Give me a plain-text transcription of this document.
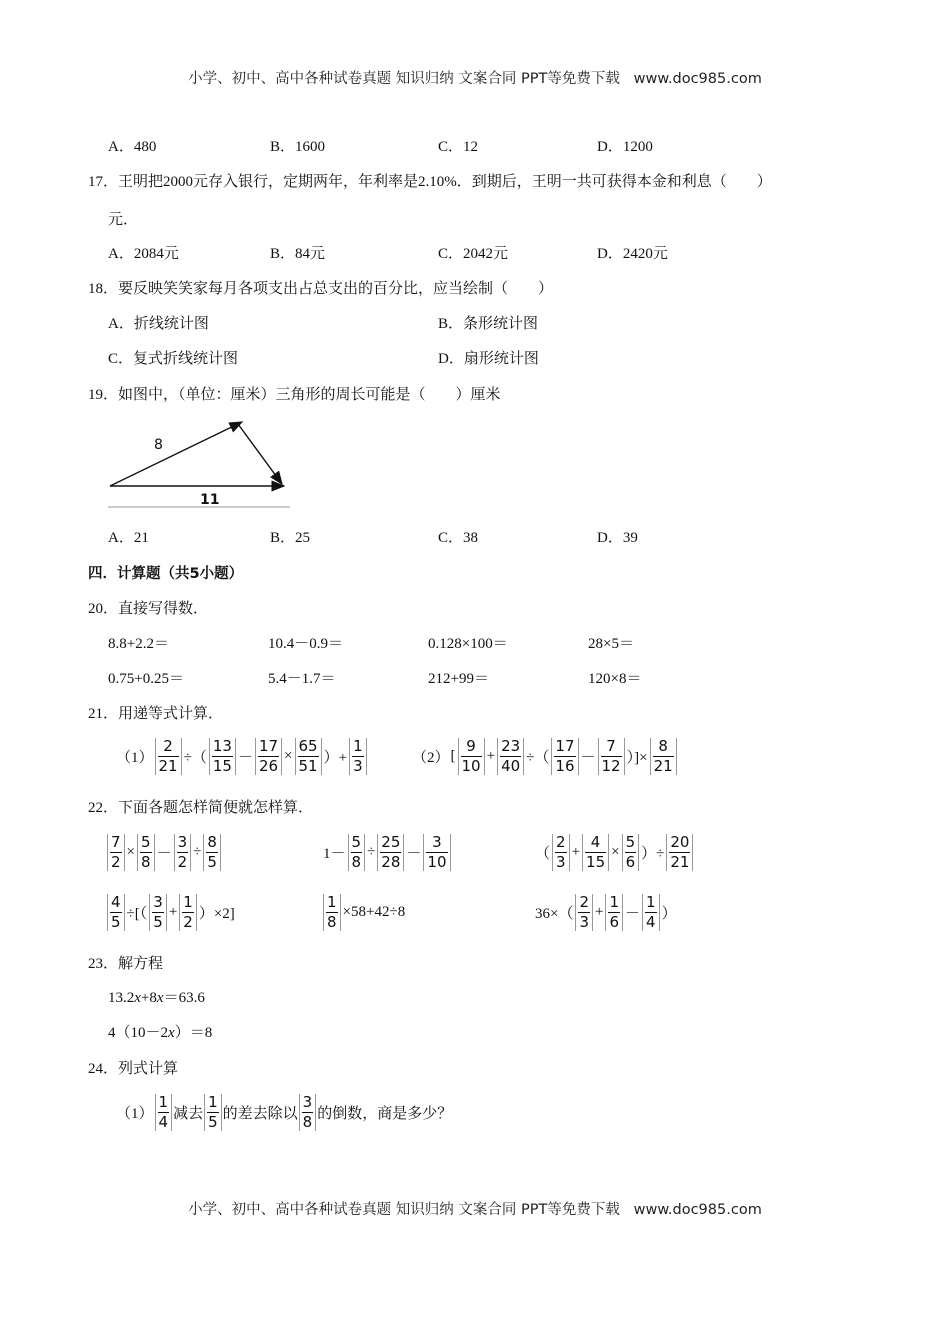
小学、初中、高中各种试卷真题 知识归纳 文案合同 PPT等免费下载 www.doc985.com
A．480	B．1600	C．12	D．1200
17．王明把2000元存入银行，定期两年，年利率是2.10%．到期后，王明一共可获得本金和利息（　　）
元．
A．2084元	B．84元	C．2042元	D．2420元
18．要反映笑笑家每月各项支出占总支出的百分比，应当绘制（　　）
A．折线统计图	B．条形统计图
C．复式折线统计图	D．扇形统计图
19．如图中，（单位：厘米）三角形的周长可能是（　　）厘米
8
11
A．21	B．25	C．38	D．39
四．计算题（共5小题）
20．直接写得数．
8.8+2.2＝	10.4－0.9＝	0.128×100＝	28×5＝
0.75+0.25＝	5.4－1.7＝	212+99＝	120×8＝
21．用递等式计算．
$(1) \frac{2}{21}$ ÷（ $\frac{13}{15} - \frac{17}{26} \times \frac{65}{51}$ ）+ $\frac{1}{3}$	（2） [ $\frac{9}{10} + \frac{23}{40}$ ÷（ $\frac{17}{16} - \frac{7}{12}$ ）]× $\frac{8}{21}$
22．下面各题怎样简便就怎样算．
$\frac{7}{2} \times \frac{5}{8} - \frac{3}{2} \div \frac{8}{5}$	$1- \frac{5}{8} \div \frac{25}{28} - \frac{3}{10}$	（ $\frac{2}{3} + \frac{4}{15} \times \frac{5}{6}$ ）÷ $\frac{20}{21}$
$\frac{4}{5}$ ÷[（ $\frac{3}{5} + \frac{1}{2} )\times 2$]	$\frac{1}{8} \times 58+42\div 8$	$36\times( \frac{2}{3} + \frac{1}{6} - \frac{1}{4}$ ）
23．解方程
13.2x+8x＝63.6
4（10－2x）＝8
24．列式计算
$(1) \frac{1}{4}$ 减去 $\frac{1}{5}$ 的差去除以 $\frac{3}{8}$ 的倒数，商是多少？
小学、初中、高中各种试卷真题 知识归纳 文案合同 PPT等免费下载 www.doc985.com
